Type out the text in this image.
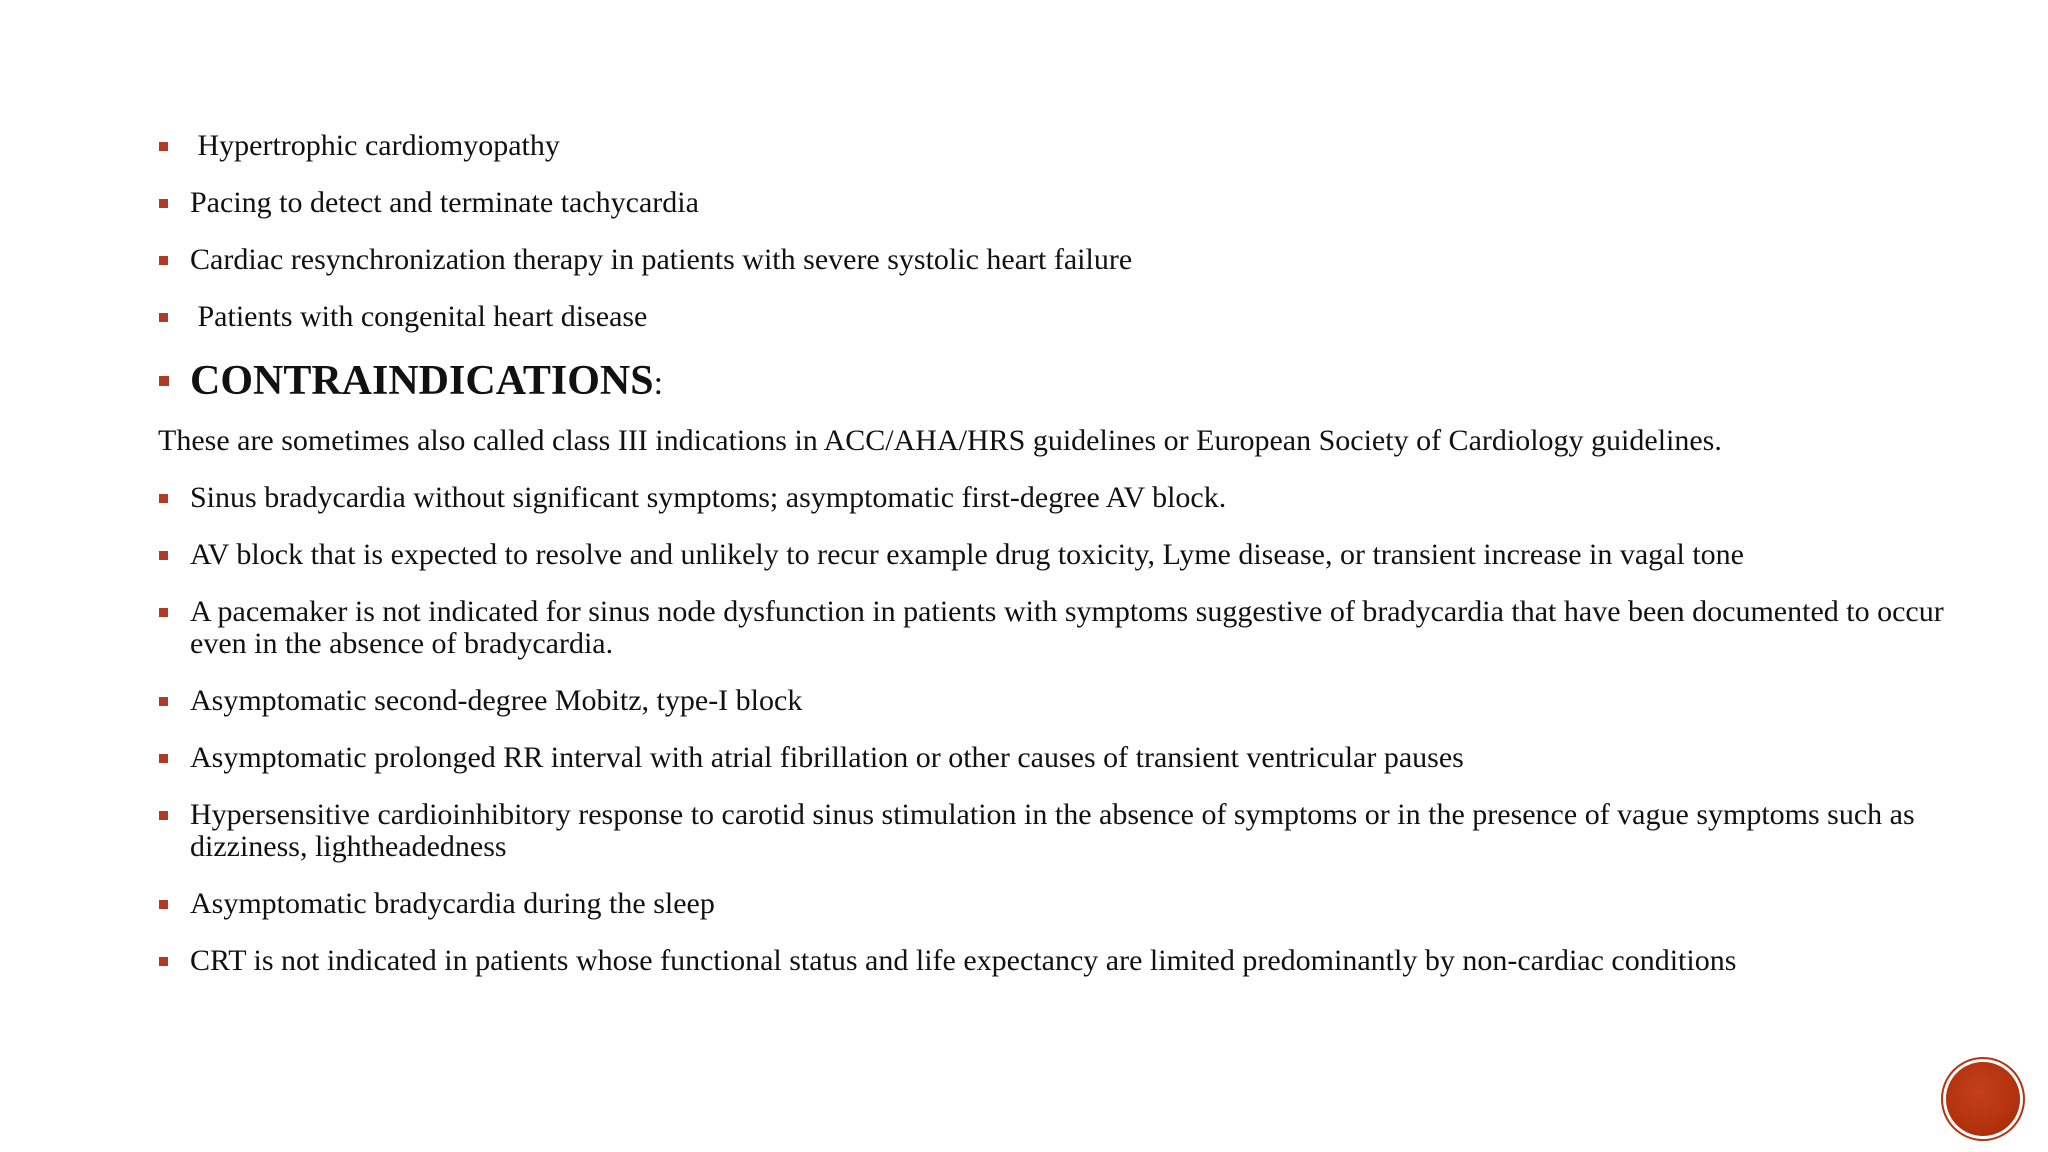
Hypertrophic cardiomyopathy
Pacing to detect and terminate tachycardia
Cardiac resynchronization therapy in patients with severe systolic heart failure
Patients with congenital heart disease
CONTRAINDICATIONS:
These are sometimes also called class III indications in ACC/AHA/HRS guidelines or European Society of Cardiology guidelines.
Sinus bradycardia without significant symptoms; asymptomatic first-degree AV block.
AV block that is expected to resolve and unlikely to recur example drug toxicity, Lyme disease, or transient increase in vagal tone
A pacemaker is not indicated for sinus node dysfunction in patients with symptoms suggestive of bradycardia that have been documented to occur even in the absence of bradycardia.
Asymptomatic second-degree Mobitz, type-I block
Asymptomatic prolonged RR interval with atrial fibrillation or other causes of transient ventricular pauses
Hypersensitive cardioinhibitory response to carotid sinus stimulation in the absence of symptoms or in the presence of vague symptoms such as dizziness, lightheadedness
Asymptomatic bradycardia during the sleep
CRT is not indicated in patients whose functional status and life expectancy are limited predominantly by non-cardiac conditions
